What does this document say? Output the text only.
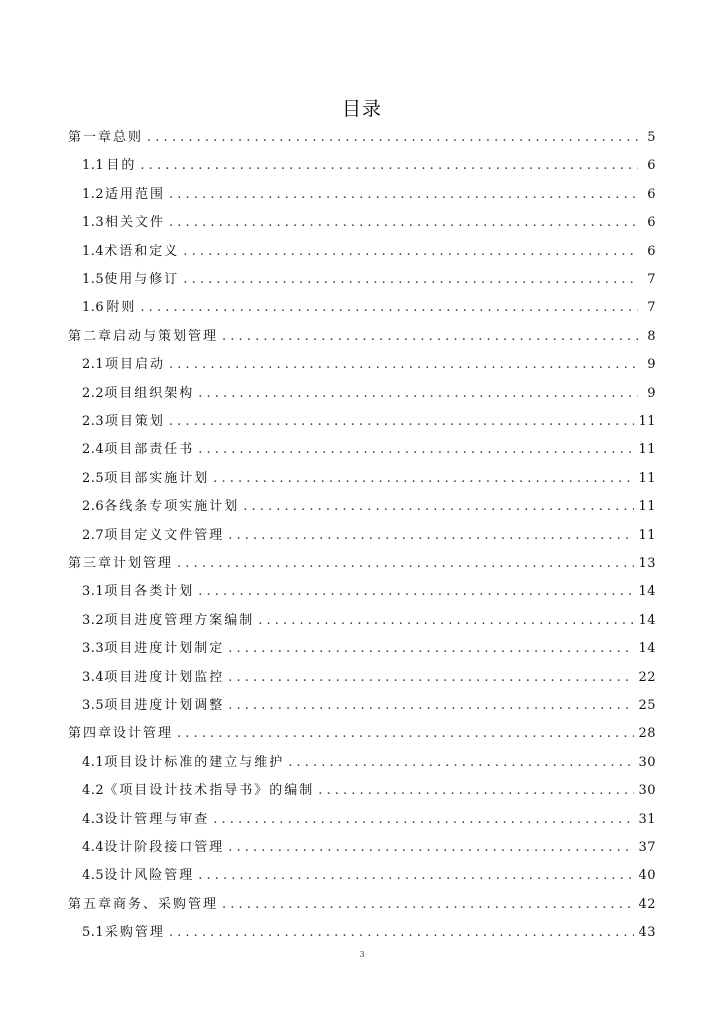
目录
第一章 总则 . . .	5
1.1 目的 . . .	6
1.2 适用范围 . . .	6
1.3 相关文件 . . .	6
1.4 术语和定义 . . .	6
1.5 使用与修订 . . .	7
1.6 附则 . . .	7
第二章 启动与策划管理 . . .	8
2.1 项目启动 . . .	9
2.2 项目组织架构 . . .	9
2.3 项目策划 . . .	11
2.4 项目部责任书 . . .	11
2.5 项目部实施计划 . . .	11
2.6 各线条专项实施计划 . . .	11
2.7 项目定义文件管理 . . .	11
第三章 计划管理 . . .	13
3.1 项目各类计划 . . .	14
3.2 项目进度管理方案编制 . . .	14
3.3 项目进度计划制定 . . .	14
3.4 项目进度计划监控 . . .	22
3.5 项目进度计划调整 . . .	25
第四章 设计管理 . . .	28
4.1 项目设计标准的建立与维护 . . .	30
4.2 《项目设计技术指导书》的编制 . . .	30
4.3 设计管理与审查 . . .	31
4.4 设计阶段接口管理 . . .	37
4.5 设计风险管理 . . .	40
第五章 商务、采购管理 . . .	42
5.1 采购管理 . . .	43
3
